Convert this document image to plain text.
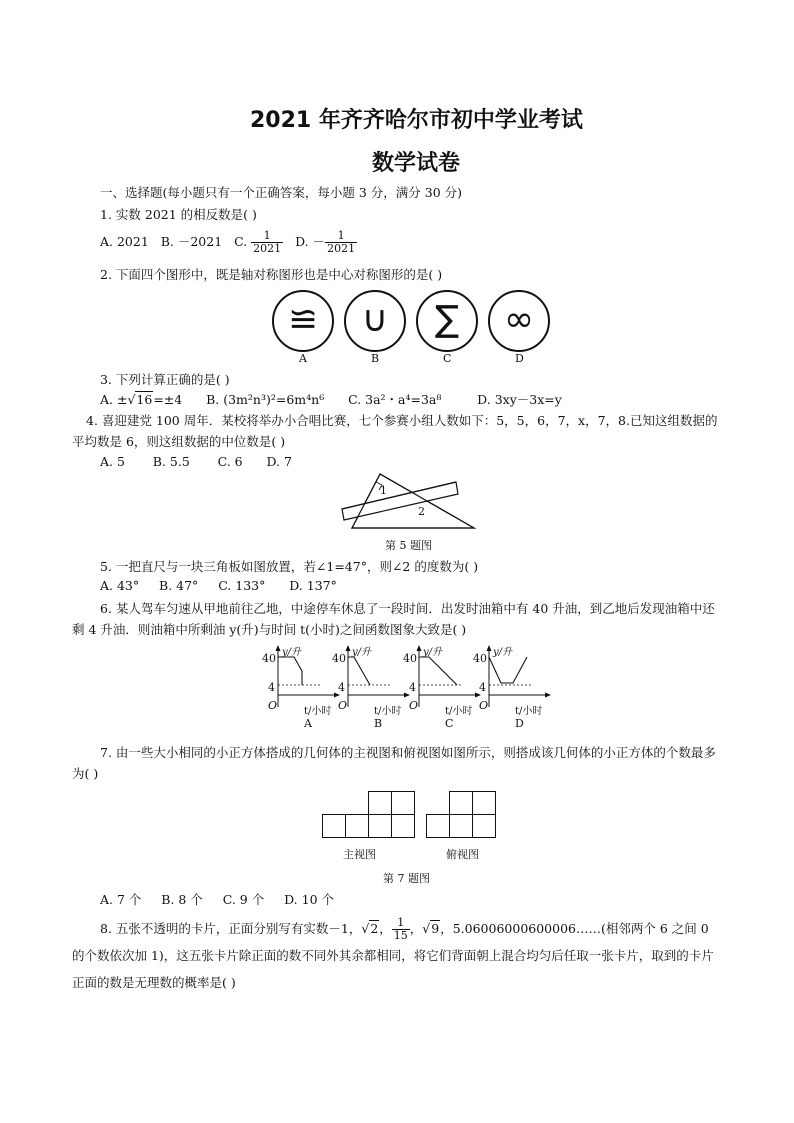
2021 年齐齐哈尔市初中学业考试
数学试卷
一、选择题(每小题只有一个正确答案，每小题 3 分，满分 30 分)
1. 实数 2021 的相反数是( )
A. 2021 B. －2021 C. $\frac{1}{2021} D$. － $\frac{1}{2021}$
2. 下面四个图形中，既是轴对称图形也是中心对称图形的是( )
≌	∪	∑	∞
A	B	C	D
3. 下列计算正确的是( )
A. ±√16=±4 B. (3m²n³)²=6m⁴n⁶ C. 3a²・a⁴=3a⁸	D. 3xy－3x=y
4. 喜迎建党 100 周年．某校将举办小合唱比赛，七个参赛小组人数如下：5，5，6，7，x，7，8.已知这组数据的平均数是 6，则这组数据的中位数是( )
A. 5 B. 5.5 C. 6 D. 7
1
2
第 5 题图
5. 一把直尺与一块三角板如图放置，若∠1=47°，则∠2 的度数为( )
A. 43° B. 47° C. 133° D. 137°
6. 某人驾车匀速从甲地前往乙地，中途停车休息了一段时间．出发时油箱中有 40 升油，到乙地后发现油箱中还剩 4 升油．则油箱中所剩油 y(升)与时间 t(小时)之间函数图象大致是( )
40
4
y/升
O	t/小时
A
40
4
y/升
O	t/小时
B
40
4
y/升
O	t/小时
C
40
4
y/升
O	t/小时
D
7. 由一些大小相同的小正方体搭成的几何体的主视图和俯视图如图所示，则搭成该几何体的小正方体的个数最多为( )
主视图	俯视图
第 7 题图
A. 7 个 B. 8 个 C. 9 个 D. 10 个
8. 五张不透明的卡片，正面分别写有实数－1，√2， $\frac{1}{15}$ ，√9，5.06006000600006……(相邻两个 6 之间 0 的个数依次加 1)，这五张卡片除正面的数不同外其余都相同，将它们背面朝上混合均匀后任取一张卡片，取到的卡片正面的数是无理数的概率是( )
